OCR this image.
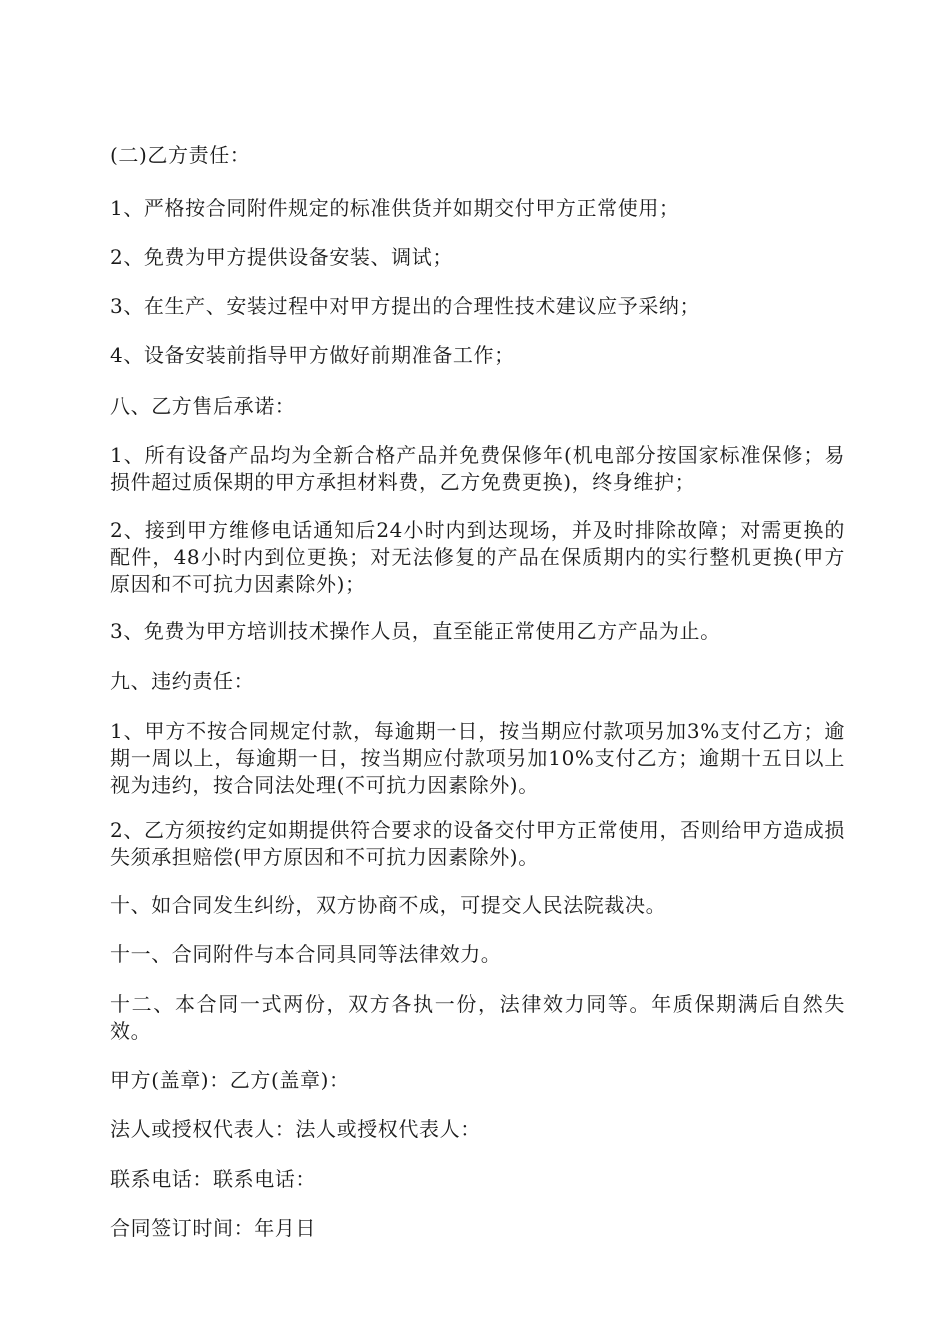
(二)乙方责任：

1、严格按合同附件规定的标准供货并如期交付甲方正常使用；

2、免费为甲方提供设备安装、调试；

3、在生产、安装过程中对甲方提出的合理性技术建议应予采纳；

4、设备安装前指导甲方做好前期准备工作；

八、乙方售后承诺：

1、所有设备产品均为全新合格产品并免费保修年(机电部分按国家标准保修；易损件超过质保期的甲方承担材料费，乙方免费更换)，终身维护；

2、接到甲方维修电话通知后24小时内到达现场，并及时排除故障；对需更换的配件，48小时内到位更换；对无法修复的产品在保质期内的实行整机更换(甲方原因和不可抗力因素除外)；

3、免费为甲方培训技术操作人员，直至能正常使用乙方产品为止。

九、违约责任：

1、甲方不按合同规定付款，每逾期一日，按当期应付款项另加3%支付乙方；逾期一周以上，每逾期一日，按当期应付款项另加10%支付乙方；逾期十五日以上视为违约，按合同法处理(不可抗力因素除外)。

2、乙方须按约定如期提供符合要求的设备交付甲方正常使用，否则给甲方造成损失须承担赔偿(甲方原因和不可抗力因素除外)。

十、如合同发生纠纷，双方协商不成，可提交人民法院裁决。

十一、合同附件与本合同具同等法律效力。

十二、本合同一式两份，双方各执一份，法律效力同等。年质保期满后自然失效。

甲方(盖章)：乙方(盖章)：

法人或授权代表人：法人或授权代表人：

联系电话：联系电话：

合同签订时间：年月日
